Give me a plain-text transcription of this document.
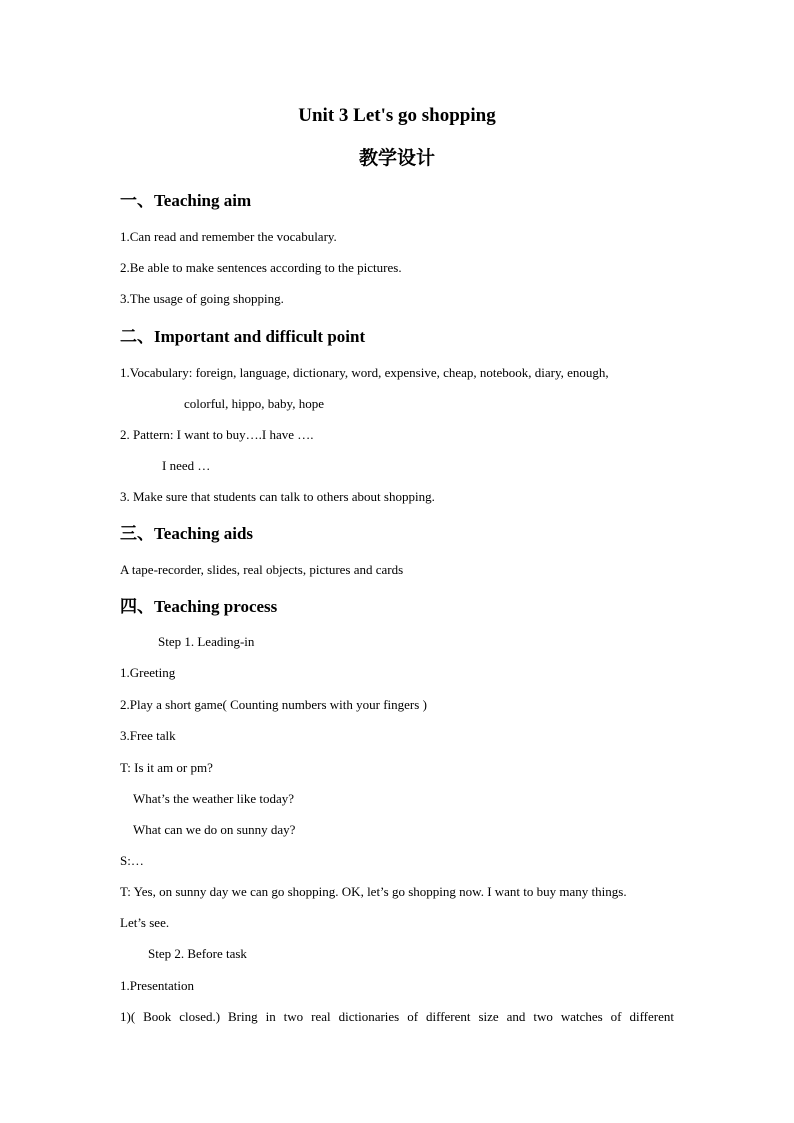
Unit 3 Let's go shopping
教学设计
一、Teaching aim
1.Can read and remember the vocabulary.
2.Be able to make sentences according to the pictures.
3.The usage of going shopping.
二、Important and difficult point
1.Vocabulary: foreign, language, dictionary, word, expensive, cheap, notebook, diary, enough,
colorful, hippo, baby, hope
2. Pattern: I want to buy….I have ….
I need …
3. Make sure that students can talk to others about shopping.
三、Teaching aids
A tape-recorder, slides, real objects, pictures and cards
四、Teaching process
Step 1. Leading-in
1.Greeting
2.Play a short game( Counting numbers with your fingers )
3.Free talk
T: Is it am or pm?
What’s the weather like today?
What can we do on sunny day?
S:…
T: Yes, on sunny day we can go shopping. OK, let’s go shopping now. I want to buy many things.
Let’s see.
Step 2. Before task
1.Presentation
1)( Book closed.) Bring in two real dictionaries of different size and two watches of different
